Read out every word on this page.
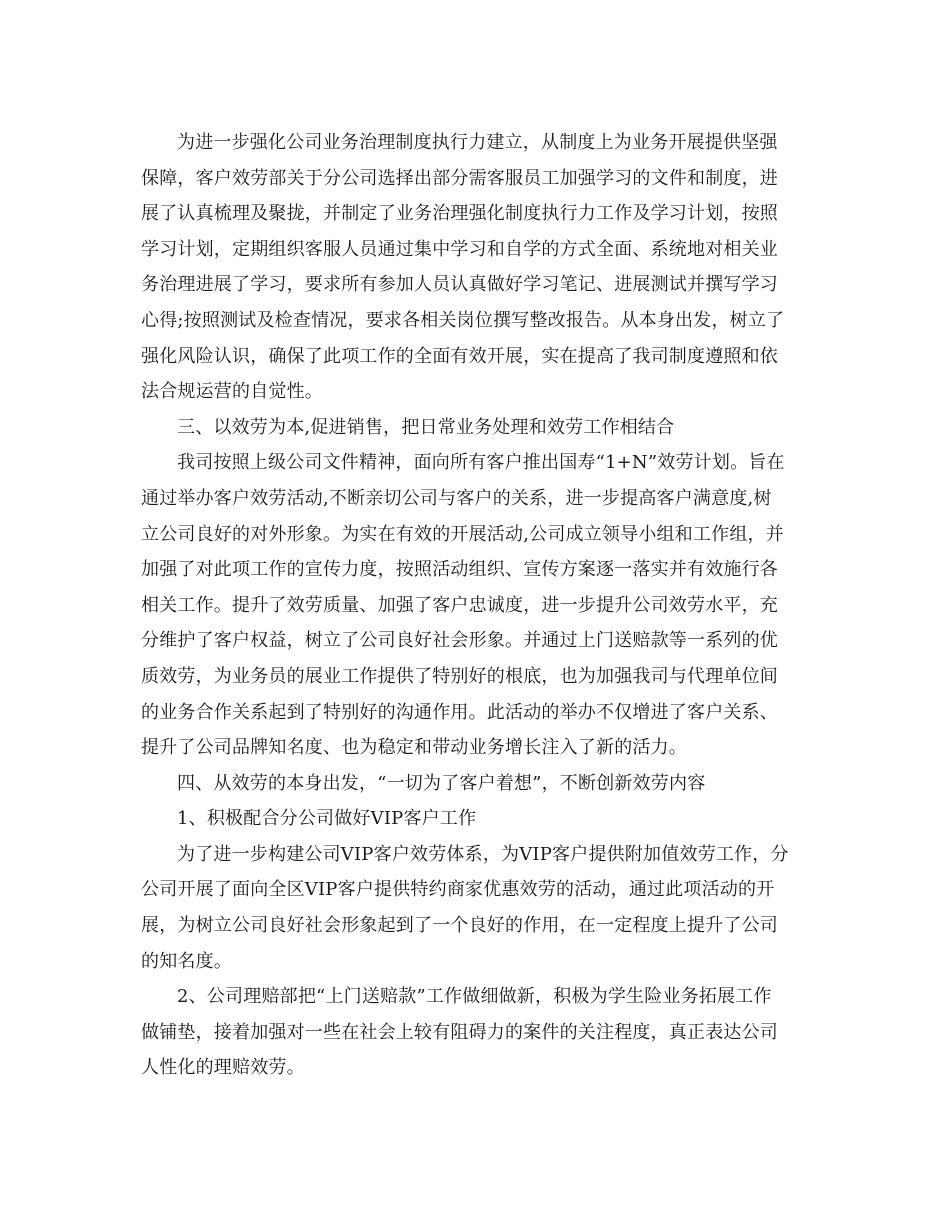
为进一步强化公司业务治理制度执行力建立，从制度上为业务开展提供坚强
保障，客户效劳部关于分公司选择出部分需客服员工加强学习的文件和制度，进
展了认真梳理及聚拢，并制定了业务治理强化制度执行力工作及学习计划，按照
学习计划，定期组织客服人员通过集中学习和自学的方式全面、系统地对相关业
务治理进展了学习，要求所有参加人员认真做好学习笔记、进展测试并撰写学习
心得;按照测试及检查情况，要求各相关岗位撰写整改报告。从本身出发，树立了
强化风险认识，确保了此项工作的全面有效开展，实在提高了我司制度遵照和依
法合规运营的自觉性。

三、以效劳为本,促进销售，把日常业务处理和效劳工作相结合

我司按照上级公司文件精神，面向所有客户推出国寿“1+N”效劳计划。旨在
通过举办客户效劳活动,不断亲切公司与客户的关系，进一步提高客户满意度,树
立公司良好的对外形象。为实在有效的开展活动,公司成立领导小组和工作组，并
加强了对此项工作的宣传力度，按照活动组织、宣传方案逐一落实并有效施行各
相关工作。提升了效劳质量、加强了客户忠诚度，进一步提升公司效劳水平，充
分维护了客户权益，树立了公司良好社会形象。并通过上门送赔款等一系列的优
质效劳，为业务员的展业工作提供了特别好的根底，也为加强我司与代理单位间
的业务合作关系起到了特别好的沟通作用。此活动的举办不仅增进了客户关系、
提升了公司品牌知名度、也为稳定和带动业务增长注入了新的活力。

四、从效劳的本身出发，“一切为了客户着想”，不断创新效劳内容

1、积极配合分公司做好VIP客户工作

为了进一步构建公司VIP客户效劳体系，为VIP客户提供附加值效劳工作，分
公司开展了面向全区VIP客户提供特约商家优惠效劳的活动，通过此项活动的开
展，为树立公司良好社会形象起到了一个良好的作用，在一定程度上提升了公司
的知名度。

2、公司理赔部把“上门送赔款”工作做细做新，积极为学生险业务拓展工作
做铺垫，接着加强对一些在社会上较有阻碍力的案件的关注程度，真正表达公司
人性化的理赔效劳。
